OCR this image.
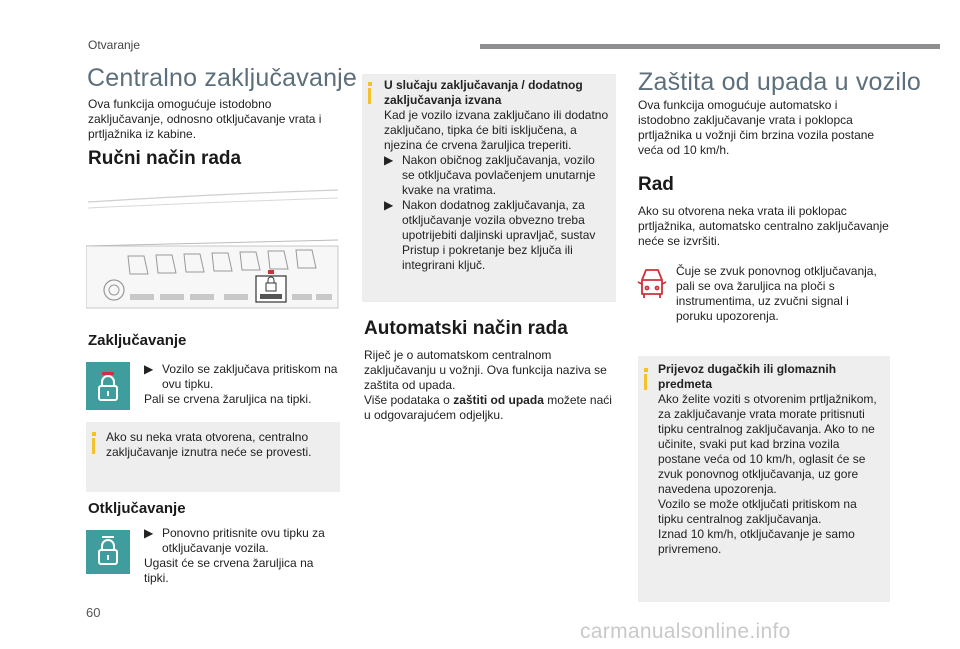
Otvaranje
Centralno zaključavanje
Ova funkcija omogućuje istodobno zaključavanje, odnosno otključavanje vrata i prtljažnika iz kabine.
Ručni način rada
Zaključavanje
▶ Vozilo se zaključava pritiskom na ovu tipku.
Pali se crvena žaruljica na tipki.
Ako su neka vrata otvorena, centralno zaključavanje iznutra neće se provesti.
Otključavanje
▶ Ponovno pritisnite ovu tipku za otključavanje vozila.
Ugasit će se crvena žaruljica na tipki.
U slučaju zaključavanja / dodatnog zaključavanja izvana
Kad je vozilo izvana zaključano ili dodatno zaključano, tipka će biti isključena, a njezina će crvena žaruljica treperiti.
▶ Nakon običnog zaključavanja, vozilo se otključava povlačenjem unutarnje kvake na vratima.
▶ Nakon dodatnog zaključavanja, za otključavanje vozila obvezno treba upotrijebiti daljinski upravljač, sustav Pristup i pokretanje bez ključa ili integrirani ključ.
Automatski način rada
Riječ je o automatskom centralnom zaključavanju u vožnji. Ova funkcija naziva se zaštita od upada.
Više podataka o zaštiti od upada možete naći u odgovarajućem odjeljku.
Zaštita od upada u vozilo
Ova funkcija omogućuje automatsko i istodobno zaključavanje vrata i poklopca prtljažnika u vožnji čim brzina vozila postane veća od 10 km/h.
Rad
Ako su otvorena neka vrata ili poklopac prtljažnika, automatsko centralno zaključavanje neće se izvršiti.
Čuje se zvuk ponovnog otključavanja, pali se ova žaruljica na ploči s instrumentima, uz zvučni signal i poruku upozorenja.
Prijevoz dugačkih ili glomaznih predmeta
Ako želite voziti s otvorenim prtljažnikom, za zaključavanje vrata morate pritisnuti tipku centralnog zaključavanja. Ako to ne učinite, svaki put kad brzina vozila postane veća od 10 km/h, oglasit će se zvuk ponovnog otključavanja, uz gore navedena upozorenja.
Vozilo se može otključati pritiskom na tipku centralnog zaključavanja.
Iznad 10 km/h, otključavanje je samo privremeno.
60
carmanualsonline.info
